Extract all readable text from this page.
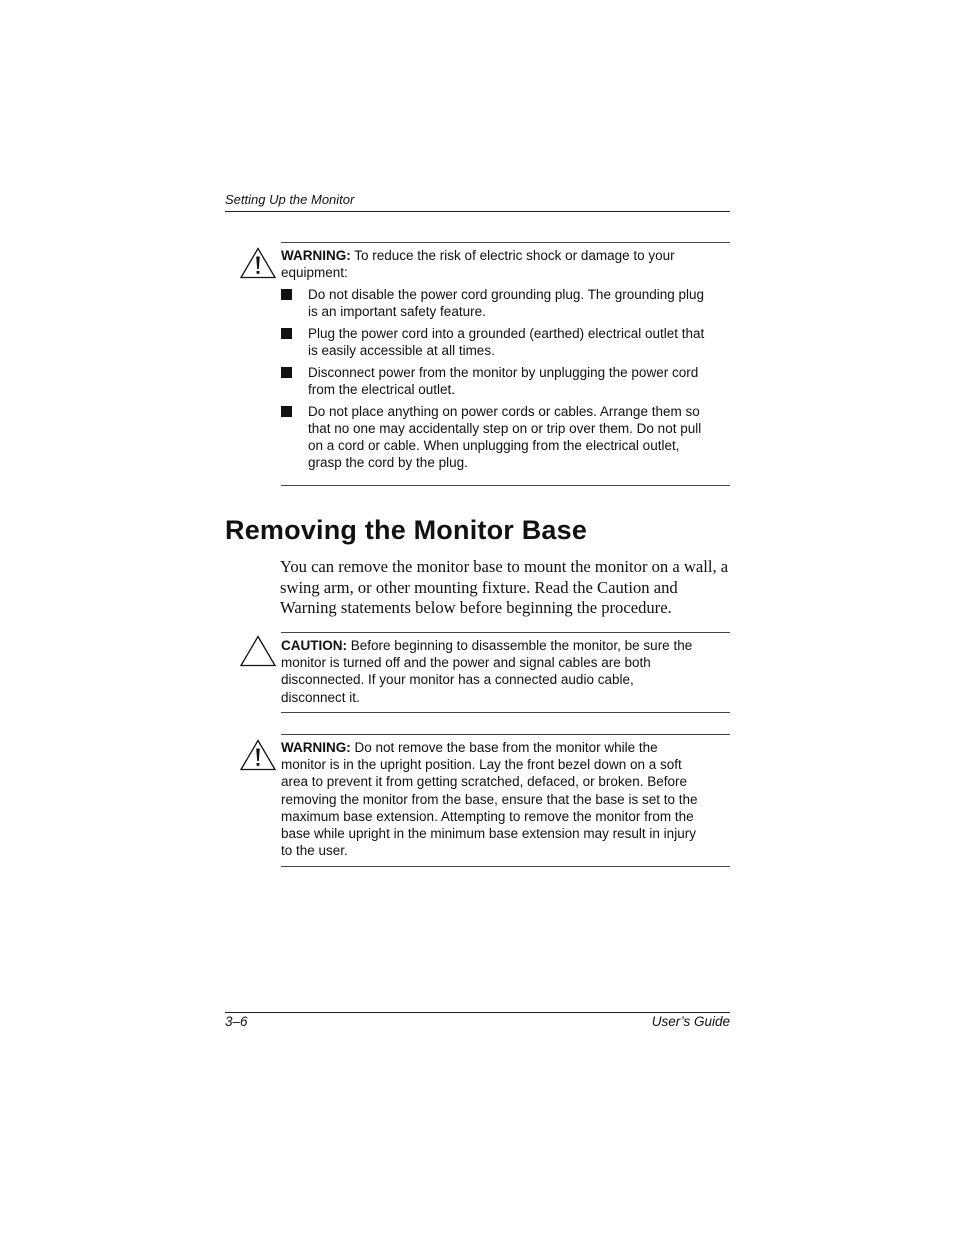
Setting Up the Monitor
WARNING: To reduce the risk of electric shock or damage to your equipment:
Do not disable the power cord grounding plug. The grounding plug is an important safety feature.
Plug the power cord into a grounded (earthed) electrical outlet that is easily accessible at all times.
Disconnect power from the monitor by unplugging the power cord from the electrical outlet.
Do not place anything on power cords or cables. Arrange them so that no one may accidentally step on or trip over them. Do not pull on a cord or cable. When unplugging from the electrical outlet, grasp the cord by the plug.
Removing the Monitor Base
You can remove the monitor base to mount the monitor on a wall, a swing arm, or other mounting fixture. Read the Caution and Warning statements below before beginning the procedure.
CAUTION: Before beginning to disassemble the monitor, be sure the monitor is turned off and the power and signal cables are both disconnected. If your monitor has a connected audio cable, disconnect it.
WARNING: Do not remove the base from the monitor while the monitor is in the upright position. Lay the front bezel down on a soft area to prevent it from getting scratched, defaced, or broken. Before removing the monitor from the base, ensure that the base is set to the maximum base extension. Attempting to remove the monitor from the base while upright in the minimum base extension may result in injury to the user.
3–6	User’s Guide
